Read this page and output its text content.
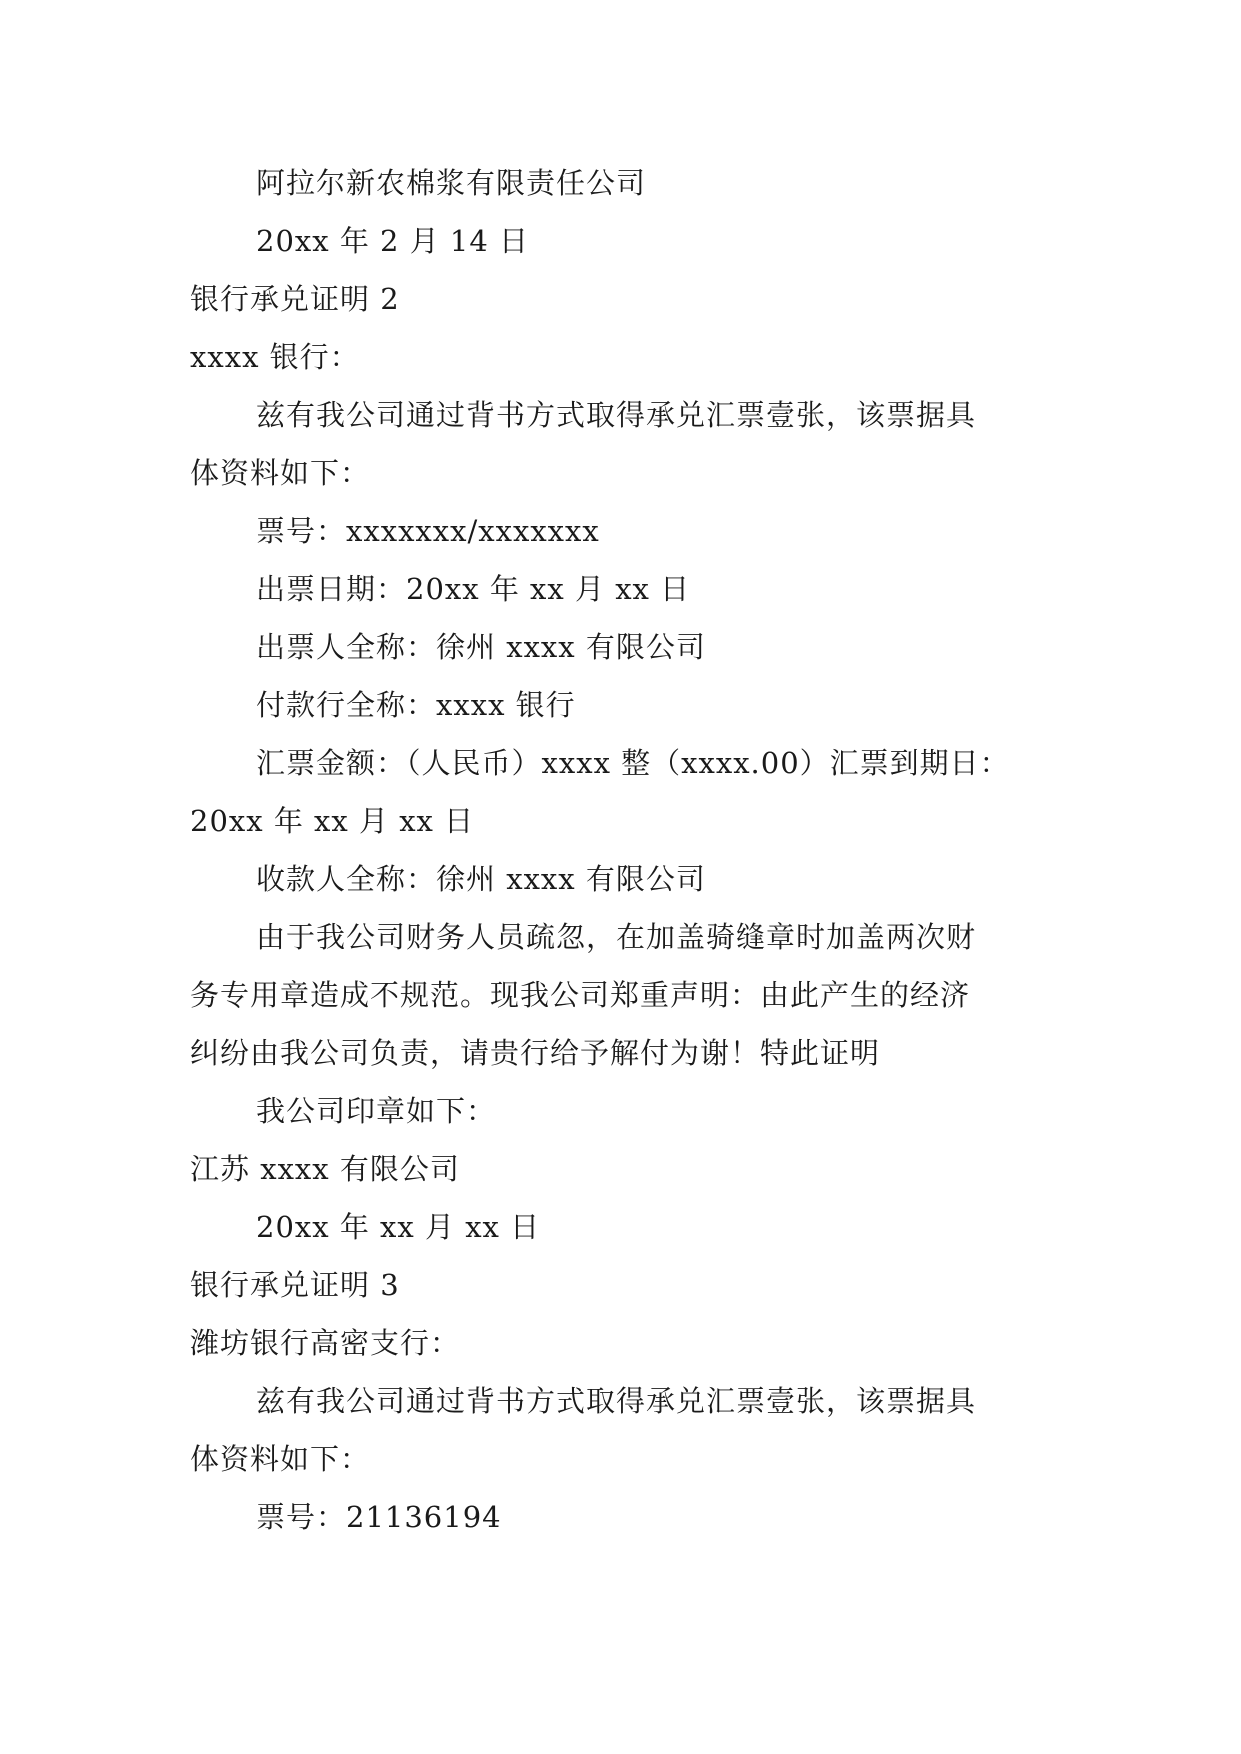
阿拉尔新农棉浆有限责任公司
20xx 年 2 月 14 日
银行承兑证明 2
xxxx 银行：
兹有我公司通过背书方式取得承兑汇票壹张，该票据具
体资料如下：
票号：xxxxxxx/xxxxxxx
出票日期：20xx 年 xx 月 xx 日
出票人全称：徐州 xxxx 有限公司
付款行全称：xxxx 银行
汇票金额：（人民币）xxxx 整（xxxx.00）汇票到期日：
20xx 年 xx 月 xx 日
收款人全称：徐州 xxxx 有限公司
由于我公司财务人员疏忽，在加盖骑缝章时加盖两次财
务专用章造成不规范。现我公司郑重声明：由此产生的经济
纠纷由我公司负责，请贵行给予解付为谢！特此证明
我公司印章如下：
江苏 xxxx 有限公司
20xx 年 xx 月 xx 日
银行承兑证明 3
潍坊银行高密支行：
兹有我公司通过背书方式取得承兑汇票壹张，该票据具
体资料如下：
票号：21136194
